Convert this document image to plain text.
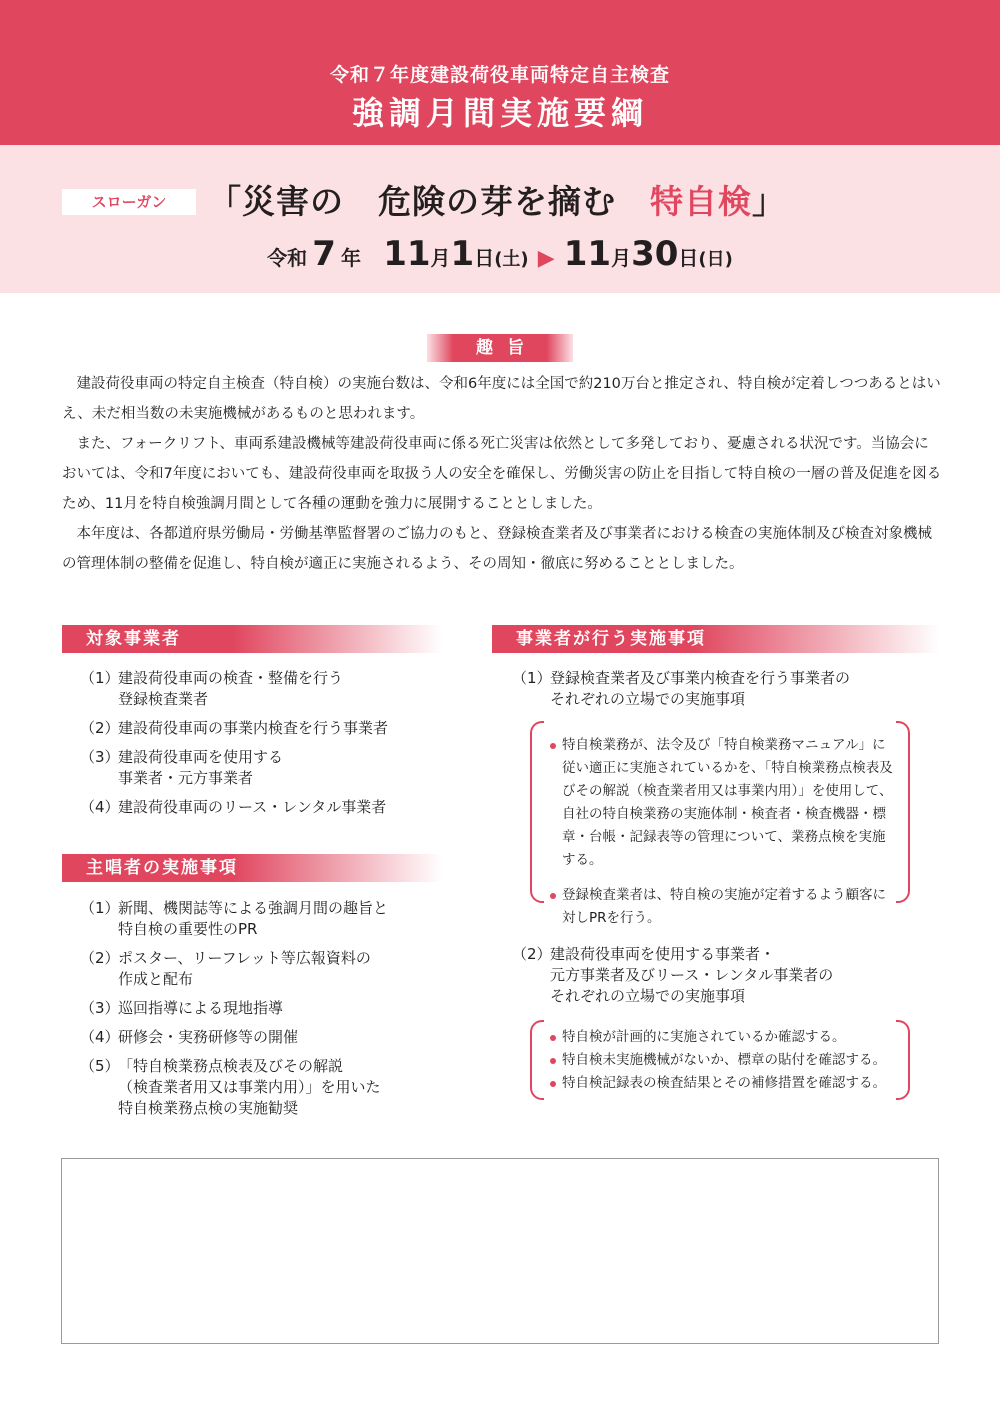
令和７年度建設荷役車両特定自主検査
強調月間実施要綱
スローガン	「災害の　危険の芽を摘む　特自検」
令和 7 年 11月1日(土) ▶ 11月30日(日)
趣旨

建設荷役車両の特定自主検査（特自検）の実施台数は、令和6年度には全国で約210万台と推定され、特自検が定着しつつあるとはいえ、未だ相当数の未実施機械があるものと思われます。

また、フォークリフト、車両系建設機械等建設荷役車両に係る死亡災害は依然として多発しており、憂慮される状況です。当協会においては、令和7年度においても、建設荷役車両を取扱う人の安全を確保し、労働災害の防止を目指して特自検の一層の普及促進を図るため、11月を特自検強調月間として各種の運動を強力に展開することとしました。

本年度は、各都道府県労働局・労働基準監督署のご協力のもと、登録検査業者及び事業者における検査の実施体制及び検査対象機械の管理体制の整備を促進し、特自検が適正に実施されるよう、その周知・徹底に努めることとしました。

対象事業者
（1）
建設荷役車両の検査・整備を行う
登録検査業者
（2）
建設荷役車両の事業内検査を行う事業者
（3）
建設荷役車両を使用する
事業者・元方事業者
（4）
建設荷役車両のリース・レンタル事業者
主唱者の実施事項
（1）
新聞、機関誌等による強調月間の趣旨と
特自検の重要性のPR
（2）
ポスター、リーフレット等広報資料の
作成と配布
（3）
巡回指導による現地指導
（4）
研修会・実務研修等の開催
（5）
「特自検業務点検表及びその解説
（検査業者用又は事業内用）」を用いた
特自検業務点検の実施勧奨
事業者が行う実施事項
（1）
登録検査業者及び事業内検査を行う事業者の
それぞれの立場での実施事項
特自検業務が、法令及び「特自検業務マニュアル」に従い適正に実施されているかを、「特自検業務点検表及びその解説（検査業者用又は事業内用）」を使用して、自社の特自検業務の実施体制・検査者・検査機器・標章・台帳・記録表等の管理について、業務点検を実施する。
登録検査業者は、特自検の実施が定着するよう顧客に対しPRを行う。
（2）
建設荷役車両を使用する事業者・
元方事業者及びリース・レンタル事業者の
それぞれの立場での実施事項
特自検が計画的に実施されているか確認する。
特自検未実施機械がないか、標章の貼付を確認する。
特自検記録表の検査結果とその補修措置を確認する。
